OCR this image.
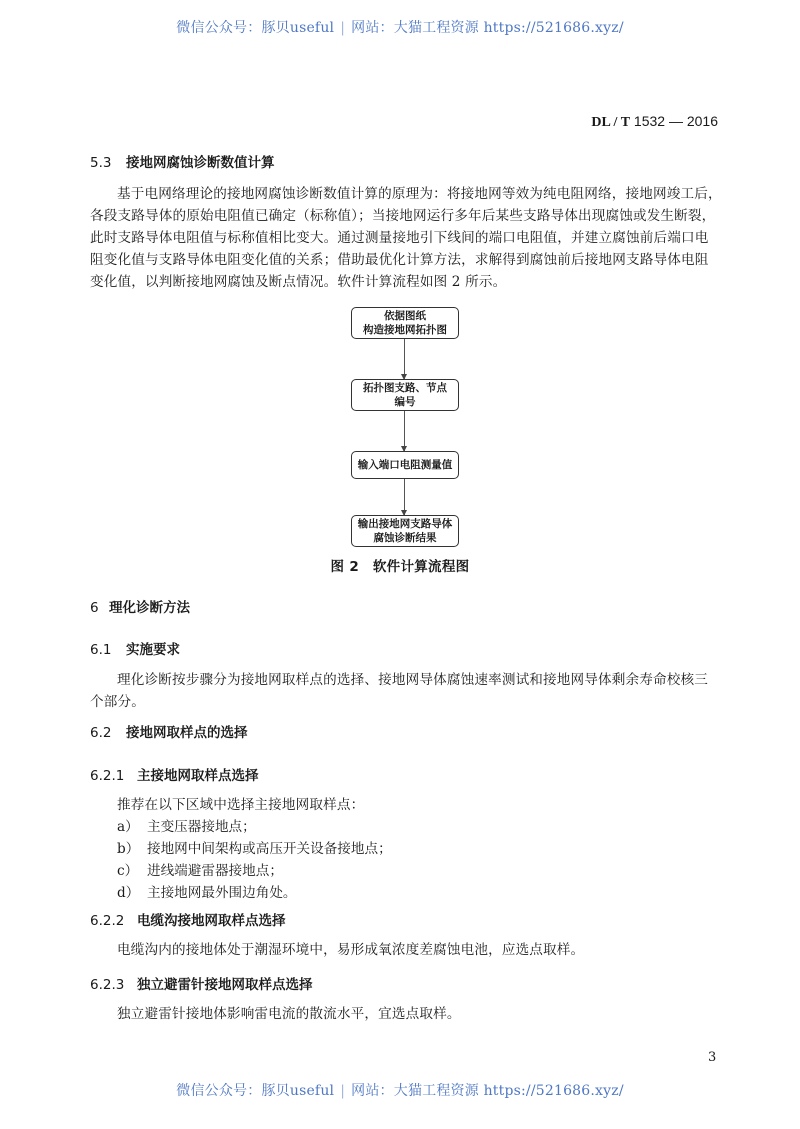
微信公众号：豚贝useful | 网站：大猫工程资源 https://521686.xyz/
DL / T 1532 — 2016
5.3 接地网腐蚀诊断数值计算
基于电网络理论的接地网腐蚀诊断数值计算的原理为：将接地网等效为纯电阻网络，接地网竣工后，
各段支路导体的原始电阻值已确定（标称值）；当接地网运行多年后某些支路导体出现腐蚀或发生断裂，
此时支路导体电阻值与标称值相比变大。通过测量接地引下线间的端口电阻值，并建立腐蚀前后端口电
阻变化值与支路导体电阻变化值的关系；借助最优化计算方法，求解得到腐蚀前后接地网支路导体电阻
变化值，以判断接地网腐蚀及断点情况。软件计算流程如图 2 所示。
依据图纸
构造接地网拓扑图
拓扑图支路、节点
编号
输入端口电阻测量值
输出接地网支路导体
腐蚀诊断结果
图 2　软件计算流程图
6 理化诊断方法
6.1 实施要求
理化诊断按步骤分为接地网取样点的选择、接地网导体腐蚀速率测试和接地网导体剩余寿命校核三
个部分。
6.2 接地网取样点的选择
6.2.1 主接地网取样点选择
推荐在以下区域中选择主接地网取样点：
a） 主变压器接地点；
b） 接地网中间架构或高压开关设备接地点；
c） 进线端避雷器接地点；
d） 主接地网最外围边角处。
6.2.2 电缆沟接地网取样点选择
电缆沟内的接地体处于潮湿环境中，易形成氧浓度差腐蚀电池，应选点取样。
6.2.3 独立避雷针接地网取样点选择
独立避雷针接地体影响雷电流的散流水平，宜选点取样。
3
微信公众号：豚贝useful | 网站：大猫工程资源 https://521686.xyz/
